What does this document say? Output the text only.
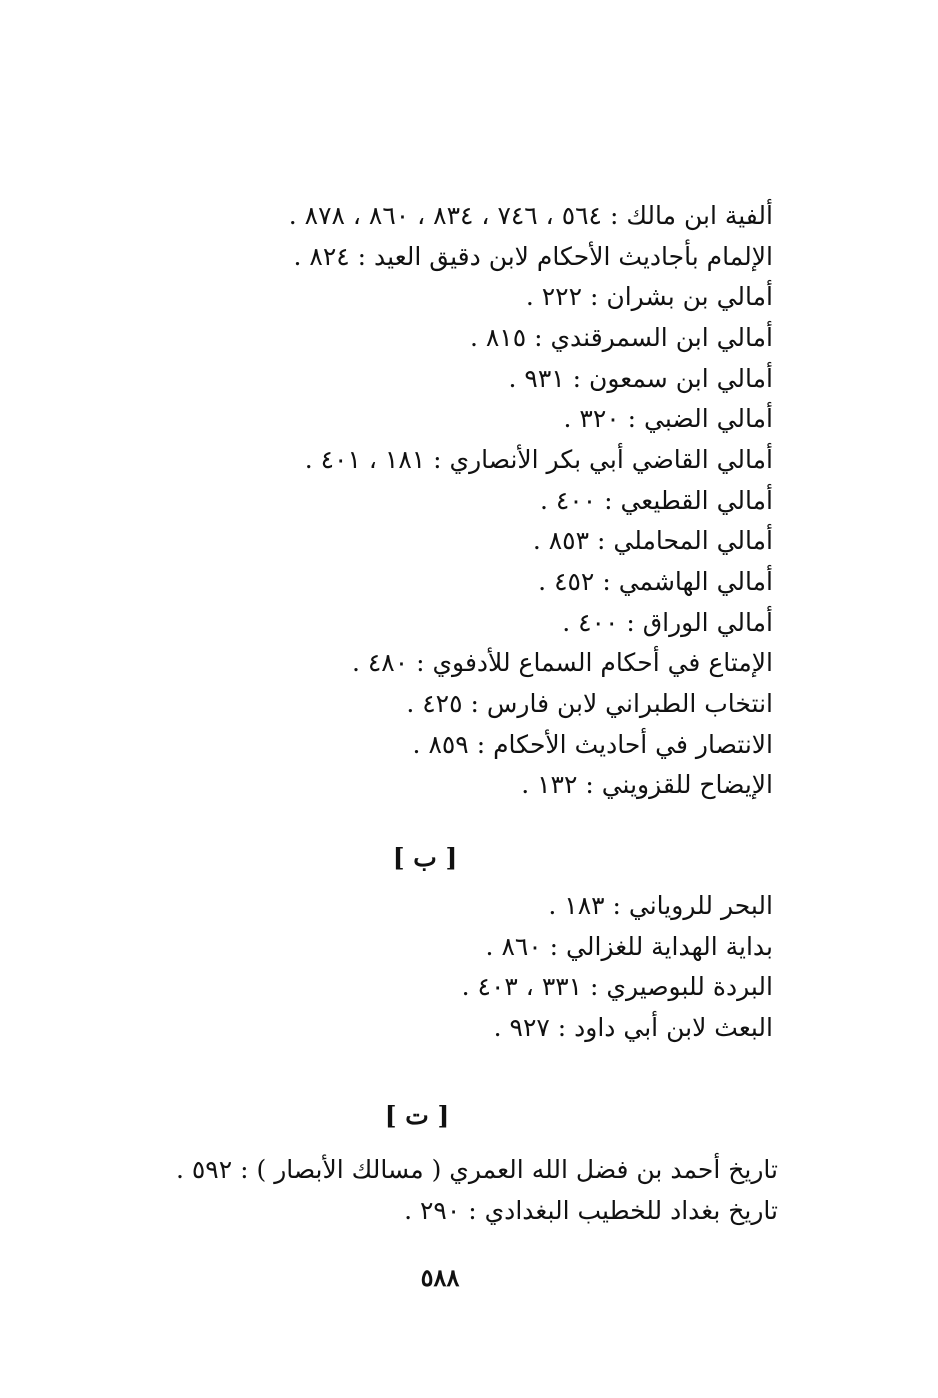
ألفية ابن مالك : ٥٦٤ ، ٧٤٦ ، ٨٣٤ ، ٨٦٠ ، ٨٧٨ .
الإلمام بأجاديث الأحكام لابن دقيق العيد : ٨٢٤ .
أمالي بن بشران : ٢٢٢ .
أمالي ابن السمرقندي : ٨١٥ .
أمالي ابن سمعون : ٩٣١ .
أمالي الضبي : ٣٢٠ .
أمالي القاضي أبي بكر الأنصاري : ١٨١ ، ٤٠١ .
أمالي القطيعي : ٤٠٠ .
أمالي المحاملي : ٨٥٣ .
أمالي الهاشمي : ٤٥٢ .
أمالي الوراق : ٤٠٠ .
الإمتاع في أحكام السماع للأدفوي : ٤٨٠ .
انتخاب الطبراني لابن فارس : ٤٢٥ .
الانتصار في أحاديث الأحكام : ٨٥٩ .
الإيضاح للقزويني : ١٣٢ .
[ ب ]
البحر للروياني : ١٨٣ .
بداية الهداية للغزالي : ٨٦٠ .
البردة للبوصيري : ٣٣١ ، ٤٠٣ .
البعث لابن أبي داود : ٩٢٧ .
[ ت ]
تاريخ أحمد بن فضل الله العمري ( مسالك الأبصار ) : ٥٩٢ .
تاريخ بغداد للخطيب البغدادي : ٢٩٠ .
٥٨٨
